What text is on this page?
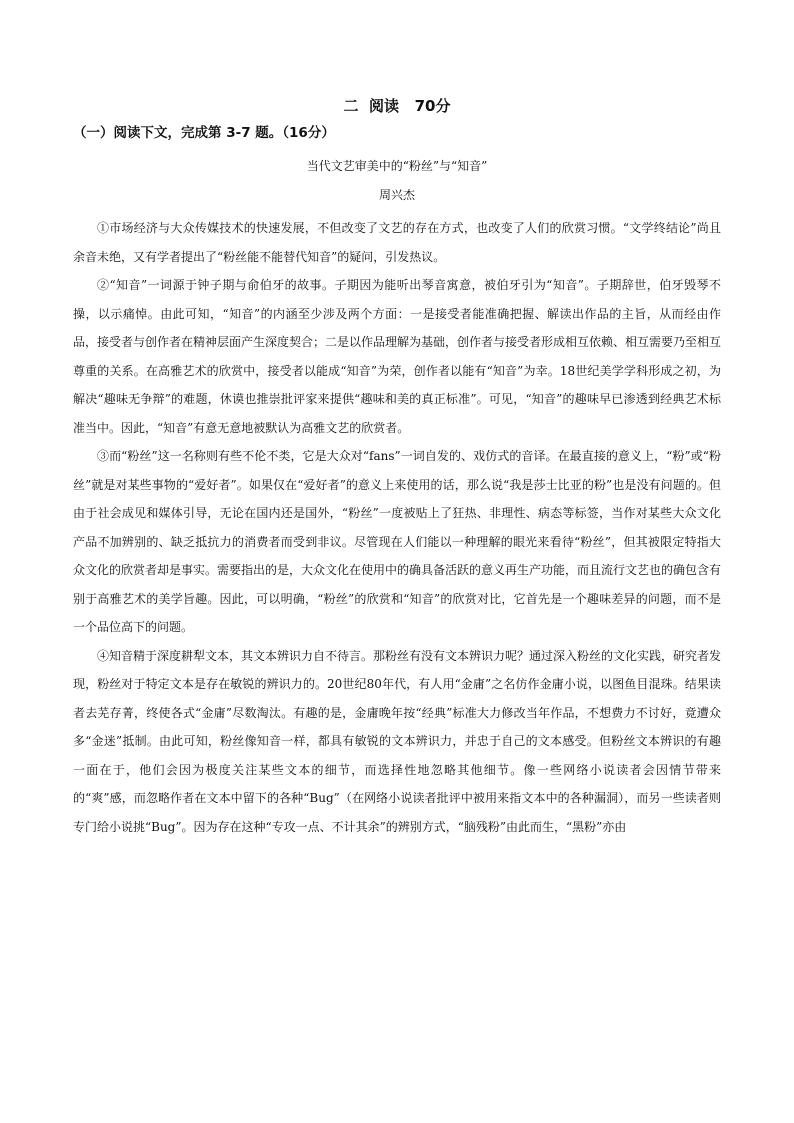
二  阅读   70分
（一）阅读下文，完成第 3-7 题。（16分）
当代文艺审美中的“粉丝”与“知音”
周兴杰

①市场经济与大众传媒技术的快速发展，不但改变了文艺的存在方式，也改变了人们的欣赏习惯。“文学终结论”尚且余音未绝，又有学者提出了“粉丝能不能替代知音”的疑问，引发热议。

②“知音”一词源于钟子期与俞伯牙的故事。子期因为能听出琴音寓意，被伯牙引为“知音”。子期辞世，伯牙毁琴不操，以示痛悼。由此可知，“知音”的内涵至少涉及两个方面：一是接受者能准确把握、解读出作品的主旨，从而经由作品，接受者与创作者在精神层面产生深度契合；二是以作品理解为基础，创作者与接受者形成相互依赖、相互需要乃至相互尊重的关系。在高雅艺术的欣赏中，接受者以能成“知音”为荣，创作者以能有“知音”为幸。18世纪美学学科形成之初，为解决“趣味无争辩”的难题，休谟也推崇批评家来提供“趣味和美的真正标准”。可见，“知音”的趣味早已渗透到经典艺术标准当中。因此，“知音”有意无意地被默认为高雅文艺的欣赏者。

③而“粉丝”这一名称则有些不伦不类，它是大众对“fans”一词自发的、戏仿式的音译。在最直接的意义上，“粉”或“粉丝”就是对某些事物的“爱好者”。如果仅在“爱好者”的意义上来使用的话，那么说“我是莎士比亚的粉”也是没有问题的。但由于社会成见和媒体引导，无论在国内还是国外，“粉丝”一度被贴上了狂热、非理性、病态等标签，当作对某些大众文化产品不加辨别的、缺乏抵抗力的消费者而受到非议。尽管现在人们能以一种理解的眼光来看待“粉丝”，但其被限定特指大众文化的欣赏者却是事实。需要指出的是，大众文化在使用中的确具备活跃的意义再生产功能，而且流行文艺也的确包含有别于高雅艺术的美学旨趣。因此，可以明确，“粉丝”的欣赏和“知音”的欣赏对比，它首先是一个趣味差异的问题，而不是一个品位高下的问题。

④知音精于深度耕犁文本，其文本辨识力自不待言。那粉丝有没有文本辨识力呢？通过深入粉丝的文化实践，研究者发现，粉丝对于特定文本是存在敏锐的辨识力的。20世纪80年代，有人用“金庸”之名仿作金庸小说，以图鱼目混珠。结果读者去芜存菁，终使各式“金庸”尽数淘汰。有趣的是，金庸晚年按“经典”标准大力修改当年作品，不想费力不讨好，竟遭众多“金迷”抵制。由此可知，粉丝像知音一样，都具有敏锐的文本辨识力，并忠于自己的文本感受。但粉丝文本辨识的有趣一面在于，他们会因为极度关注某些文本的细节，而选择性地忽略其他细节。像一些网络小说读者会因情节带来的“爽”感，而忽略作者在文本中留下的各种“Bug”（在网络小说读者批评中被用来指文本中的各种漏洞），而另一些读者则专门给小说挑“Bug”。因为存在这种“专攻一点、不计其余”的辨别方式，“脑残粉”由此而生，“黑粉”亦由
